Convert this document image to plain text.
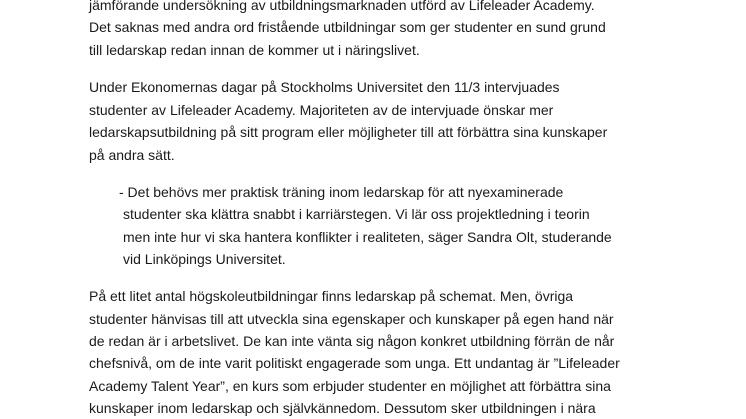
jämförande undersökning av utbildningsmarknaden utförd av Lifeleader Academy.
Det saknas med andra ord fristående utbildningar som ger studenter en sund grund
till ledarskap redan innan de kommer ut i näringslivet.
Under Ekonomernas dagar på Stockholms Universitet den 11/3 intervjuades
studenter av Lifeleader Academy. Majoriteten av de intervjuade önskar mer
ledarskapsutbildning på sitt program eller möjligheter till att förbättra sina kunskaper
på andra sätt.
- Det behövs mer praktisk träning inom ledarskap för att nyexaminerade
studenter ska klättra snabbt i karriärstegen. Vi lär oss projektledning i teorin
men inte hur vi ska hantera konflikter i realiteten, säger Sandra Olt, studerande
vid Linköpings Universitet.
På ett litet antal högskoleutbildningar finns ledarskap på schemat. Men, övriga
studenter hänvisas till att utveckla sina egenskaper och kunskaper på egen hand när
de redan är i arbetslivet. De kan inte vänta sig någon konkret utbildning förrän de når
chefsnivå, om de inte varit politiskt engagerade som unga. Ett undantag är ”Lifeleader
Academy Talent Year”, en kurs som erbjuder studenter en möjlighet att förbättra sina
kunskaper inom ledarskap och självkännedom. Dessutom sker utbildningen i nära
